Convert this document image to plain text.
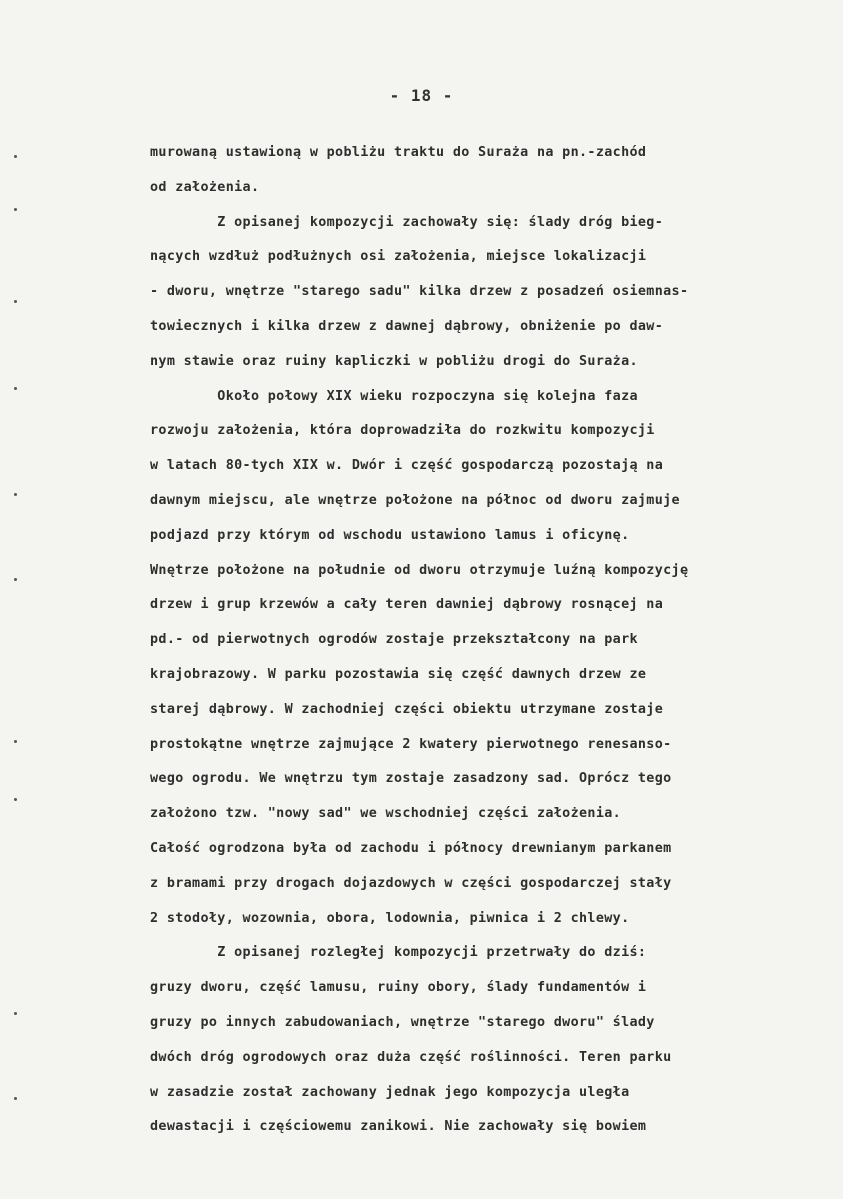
- 18 -
murowaną ustawioną w pobliżu traktu do Surażа na pn.-zachód
od założenia.
Z opisanej kompozycji zachowały się: ślady dróg bieg-
nących wzdłuż podłużnych osi założenia, miejsce lokalizacji
- dworu, wnętrze "starego sadu" kilka drzew z posadzeń osiemnas-
towiecznych i kilka drzew z dawnej dąbrowy, obniżenie po daw-
nym stawie oraz ruiny kapliczki w pobliżu drogi do Suraża.
Około połowy XIX wieku rozpoczyna się kolejna faza
rozwoju założenia, która doprowadziła do rozkwitu kompozycji
w latach 80-tych XIX w. Dwór i część gospodarczą pozostają na
dawnym miejscu, ale wnętrze położone na północ od dworu zajmuje
podjazd przy którym od wschodu ustawiono lamus i oficynę.
Wnętrze położone na południe od dworu otrzymuje luźną kompozycję
drzew i grup krzewów a cały teren dawniej dąbrowy rosnącej na
pd.- od pierwotnych ogrodów zostaje przekształcony na park
krajobrazowy. W parku pozostawia się część dawnych drzew ze
starej dąbrowy. W zachodniej części obiektu utrzymane zostaje
prostokątne wnętrze zajmujące 2 kwatery pierwotnego renesanso-
wego ogrodu. We wnętrzu tym zostaje zasadzony sad. Oprócz tego
założono tzw. "nowy sad" we wschodniej części założenia.
Całość ogrodzona była od zachodu i północy drewnianym parkanem
z bramami przy drogach dojazdowych w części gospodarczej stały
2 stodoły, wozownia, obora, lodownia, piwnica i 2 chlewy.
Z opisanej rozległej kompozycji przetrwały do dziś:
gruzy dworu, część lamusu, ruiny obory, ślady fundamentów i
gruzy po innych zabudowaniach, wnętrze "starego dworu" ślady
dwóch dróg ogrodowych oraz duża część roślinności. Teren parku
w zasadzie został zachowany jednak jego kompozycja uległa
dewastacji i częściowemu zanikowi. Nie zachowały się bowiem
